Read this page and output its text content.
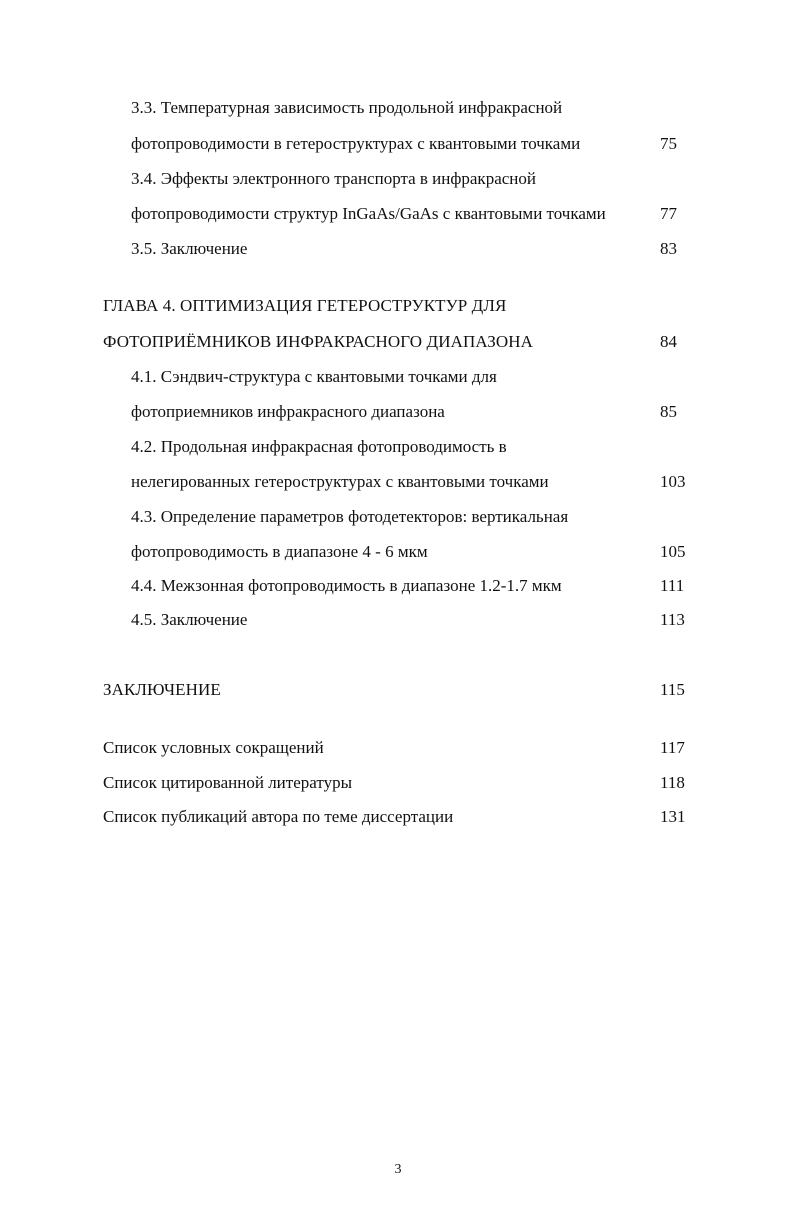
3.3. Температурная зависимость продольной инфракрасной
фотопроводимости в гетероструктурах с квантовыми точками	75
3.4. Эффекты электронного транспорта в инфракрасной
фотопроводимости структур InGaAs/GaAs с квантовыми точками	77
3.5. Заключение	83
ГЛАВА 4. ОПТИМИЗАЦИЯ ГЕТЕРОСТРУКТУР ДЛЯ
ФОТОПРИЁМНИКОВ ИНФРАКРАСНОГО ДИАПАЗОНА	84
4.1. Сэндвич-структура с квантовыми точками для
фотоприемников инфракрасного диапазона	85
4.2. Продольная инфракрасная фотопроводимость в
нелегированных гетероструктурах с квантовыми точками	103
4.3. Определение параметров фотодетекторов: вертикальная
фотопроводимость в диапазоне 4 - 6 мкм	105
4.4. Межзонная фотопроводимость в диапазоне 1.2-1.7 мкм	111
4.5. Заключение	113
ЗАКЛЮЧЕНИЕ	115
Список условных сокращений	117
Список цитированной литературы	118
Список публикаций автора по теме диссертации	131
3
